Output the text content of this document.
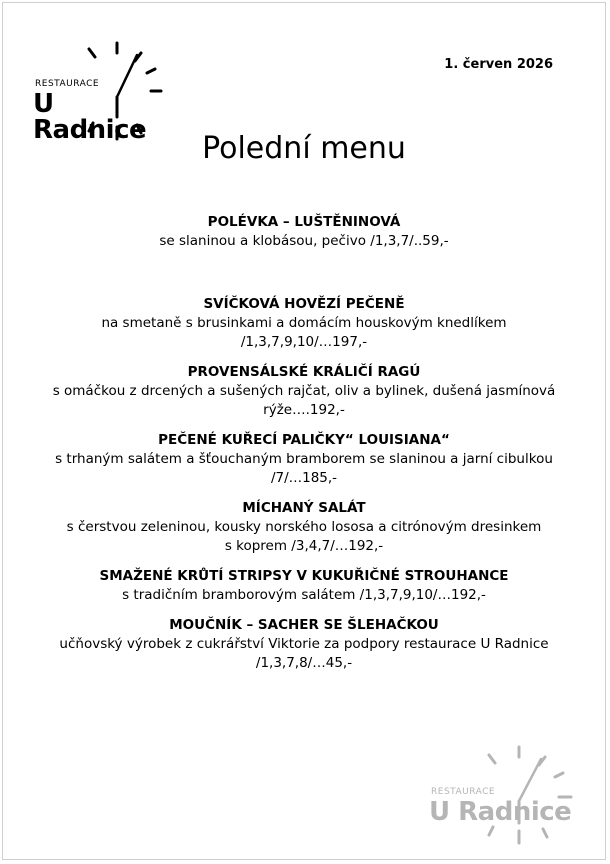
RESTAURACE
U Radnice
1. červen 2026
Polední menu
POLÉVKA – LUŠTĚNINOVÁ

se slaninou a klobásou, pečivo /1,3,7/..59,-

SVÍČKOVÁ HOVĚZÍ PEČENĚ

na smetaně s brusinkami a domácím houskovým knedlíkem

/1,3,7,9,10/…197,-

PROVENSÁLSKÉ KRÁLIČÍ RAGÚ

s omáčkou z drcených a sušených rajčat, oliv a bylinek, dušená jasmínová

rýže….192,-

PEČENÉ KUŘECÍ PALIČKY“ LOUISIANA“

s trhaným salátem a šťouchaným bramborem se slaninou a jarní cibulkou

/7/…185,-

MÍCHANÝ SALÁT

s čerstvou zeleninou, kousky norského lososa a citrónovým dresinkem

s koprem /3,4,7/…192,-

SMAŽENÉ KRŮTÍ STRIPSY V KUKUŘIČNÉ STROUHANCE

s tradičním bramborovým salátem /1,3,7,9,10/…192,-

MOUČNÍK – SACHER SE ŠLEHAČKOU

učňovský výrobek z cukrářství Viktorie za podpory restaurace U Radnice

/1,3,7,8/…45,-

RESTAURACE
U Radnice
